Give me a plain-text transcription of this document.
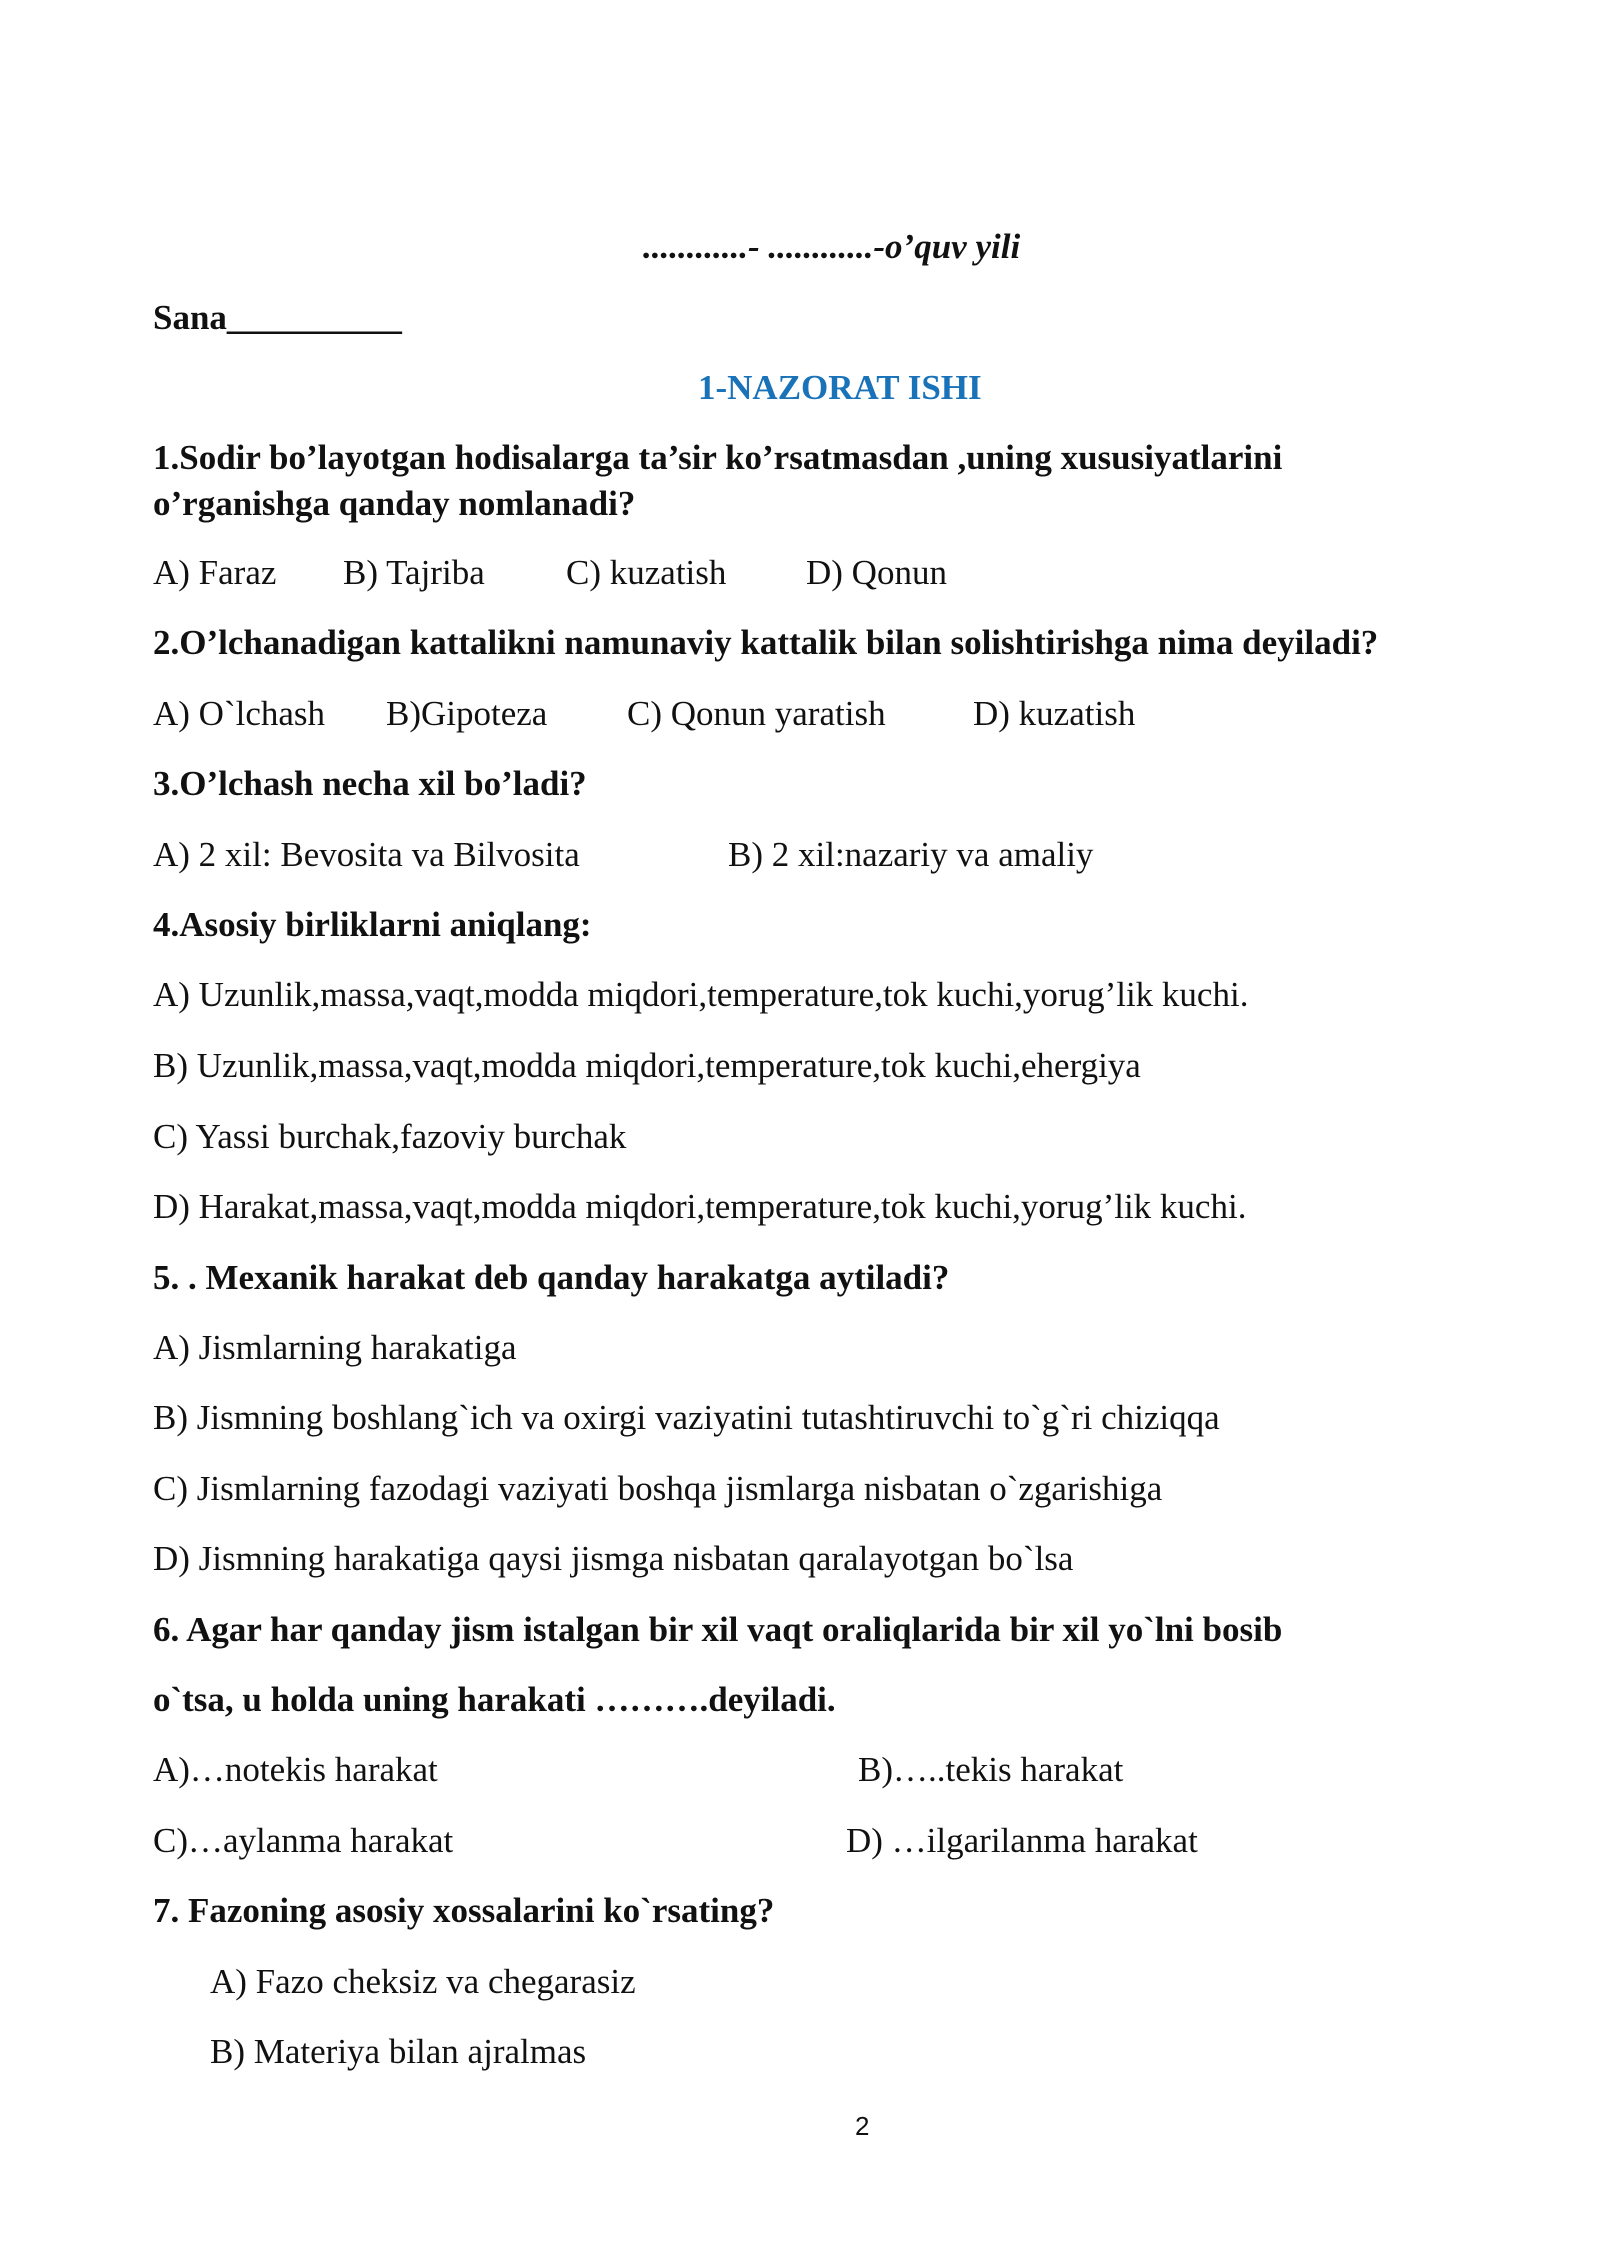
............- ............-o’quv yili
Sana__________
1-NAZORAT ISHI
1.Sodir bo’layotgan hodisalarga ta’sir ko’rsatmasdan ,uning xususiyatlarini
o’rganishga qanday nomlanadi?
A) Faraz B) Tajriba C) kuzatish D) Qonun
2.O’lchanadigan kattalikni namunaviy kattalik bilan solishtirishga nima deyiladi?
A) O`lchash B)Gipoteza C) Qonun yaratish D) kuzatish
3.O’lchash necha xil bo’ladi?
A) 2 xil: Bevosita va Bilvosita	B) 2 xil:nazariy va amaliy
4.Asosiy birliklarni aniqlang:
A) Uzunlik,massa,vaqt,modda miqdori,temperature,tok kuchi,yorug’lik kuchi.
B) Uzunlik,massa,vaqt,modda miqdori,temperature,tok kuchi,ehergiya
C) Yassi burchak,fazoviy burchak
D) Harakat,massa,vaqt,modda miqdori,temperature,tok kuchi,yorug’lik kuchi.
5. . Mexanik harakat deb qanday harakatga aytiladi?
A) Jismlarning harakatiga
B) Jismning boshlang`ich va oxirgi vaziyatini tutashtiruvchi to`g`ri chiziqqa
C) Jismlarning fazodagi vaziyati boshqa jismlarga nisbatan o`zgarishiga
D) Jismning harakatiga qaysi jismga nisbatan qaralayotgan bo`lsa
6. Agar har qanday jism istalgan bir xil vaqt oraliqlarida bir xil yo`lni bosib
o`tsa, u holda uning harakati ……….deyiladi.
A)…notekis harakat	B)…..tekis harakat
C)…aylanma harakat	D) …ilgarilanma harakat
7. Fazoning asosiy xossalarini ko`rsating?
A) Fazo cheksiz va chegarasiz
B) Materiya bilan ajralmas
2
